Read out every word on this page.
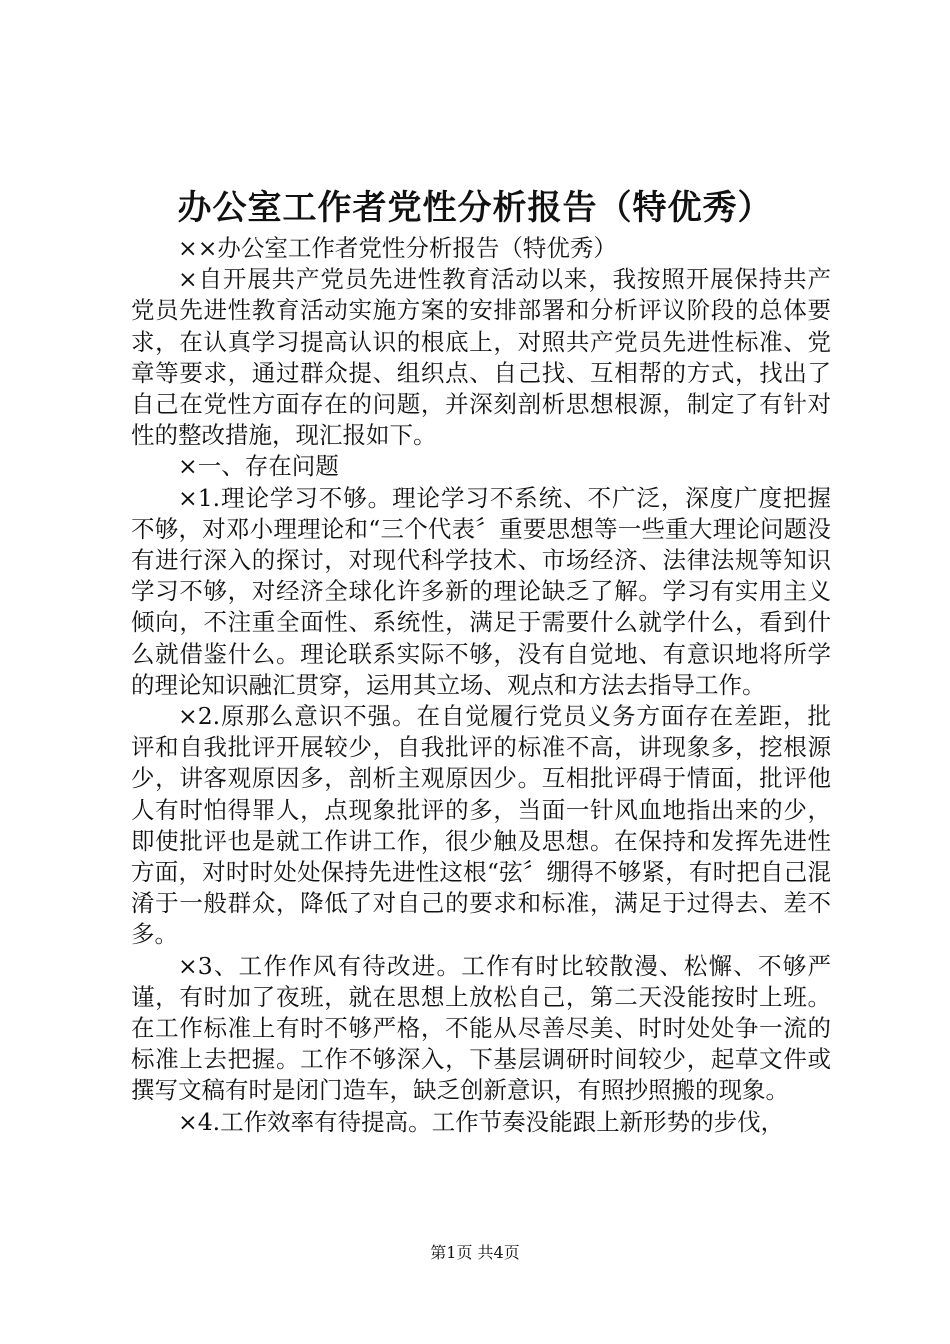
办公室工作者党性分析报告（特优秀）

××办公室工作者党性分析报告（特优秀）

×自开展共产党员先进性教育活动以来，我按照开展保持共产党员先进性教育活动实施方案的安排部署和分析评议阶段的总体要求，在认真学习提高认识的根底上，对照共产党员先进性标准、党章等要求，通过群众提、组织点、自己找、互相帮的方式，找出了自己在党性方面存在的问题，并深刻剖析思想根源，制定了有针对性的整改措施，现汇报如下。

×一、存在问题

×1.理论学习不够。理论学习不系统、不广泛，深度广度把握不够，对邓小理理论和“三个代表〞重要思想等一些重大理论问题没有进行深入的探讨，对现代科学技术、市场经济、法律法规等知识学习不够，对经济全球化许多新的理论缺乏了解。学习有实用主义倾向，不注重全面性、系统性，满足于需要什么就学什么，看到什么就借鉴什么。理论联系实际不够，没有自觉地、有意识地将所学的理论知识融汇贯穿，运用其立场、观点和方法去指导工作。

×2.原那么意识不强。在自觉履行党员义务方面存在差距，批评和自我批评开展较少，自我批评的标准不高，讲现象多，挖根源少，讲客观原因多，剖析主观原因少。互相批评碍于情面，批评他人有时怕得罪人，点现象批评的多，当面一针风血地指出来的少，即使批评也是就工作讲工作，很少触及思想。在保持和发挥先进性方面，对时时处处保持先进性这根“弦〞绷得不够紧，有时把自己混淆于一般群众，降低了对自己的要求和标准，满足于过得去、差不多。

×3、工作作风有待改进。工作有时比较散漫、松懈、不够严谨，有时加了夜班，就在思想上放松自己，第二天没能按时上班。在工作标准上有时不够严格，不能从尽善尽美、时时处处争一流的标准上去把握。工作不够深入，下基层调研时间较少，起草文件或撰写文稿有时是闭门造车，缺乏创新意识，有照抄照搬的现象。

×4.工作效率有待提高。工作节奏没能跟上新形势的步伐，

第1页 共4页
